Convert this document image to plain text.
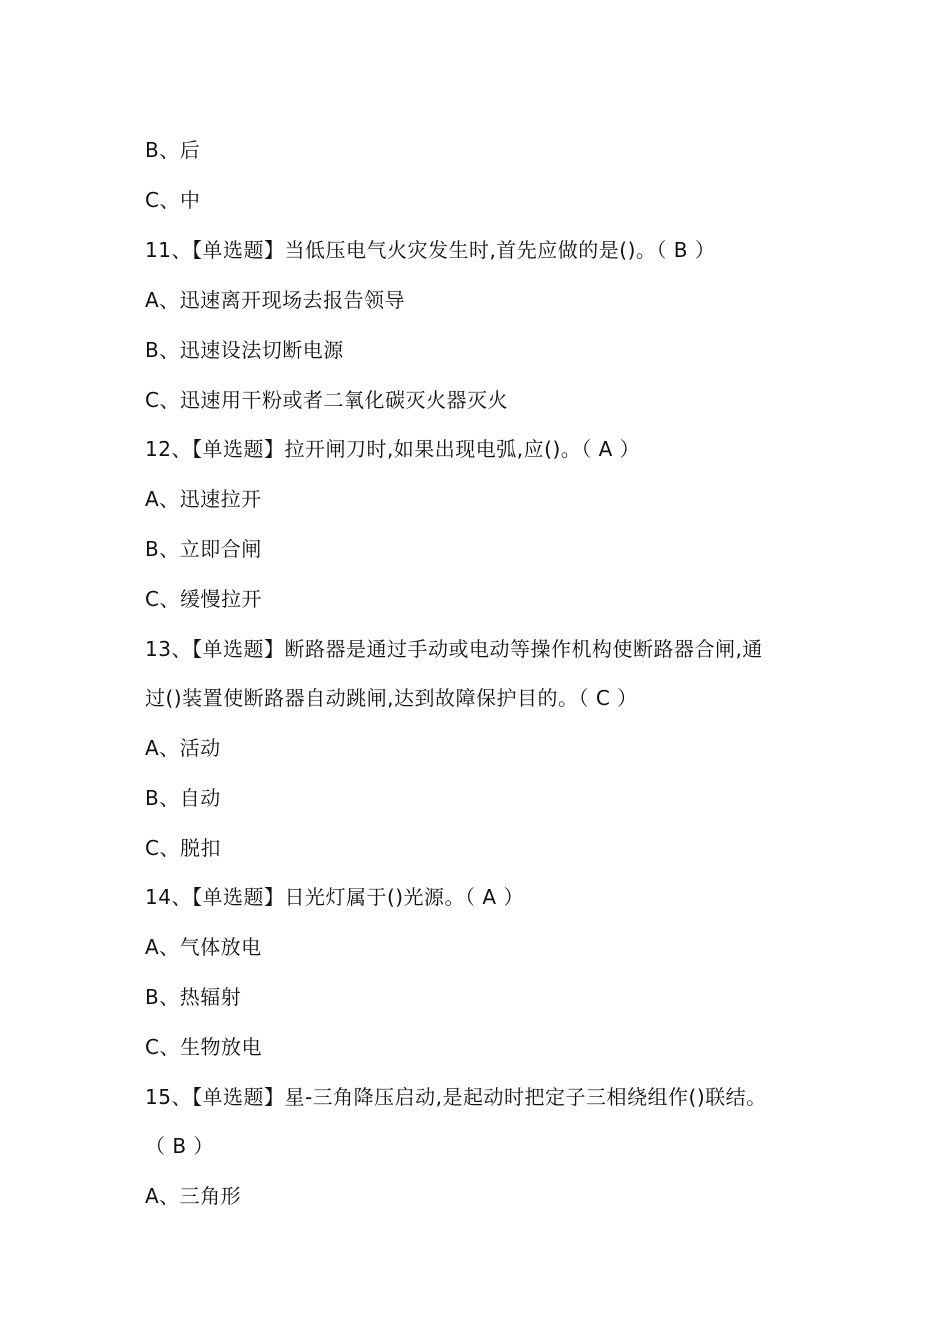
B、后
C、中
11、【单选题】当低压电气火灾发生时,首先应做的是()。（ B ）
A、迅速离开现场去报告领导
B、迅速设法切断电源
C、迅速用干粉或者二氧化碳灭火器灭火
12、【单选题】拉开闸刀时,如果出现电弧,应()。（ A ）
A、迅速拉开
B、立即合闸
C、缓慢拉开
13、【单选题】断路器是通过手动或电动等操作机构使断路器合闸,通
过()装置使断路器自动跳闸,达到故障保护目的。（ C ）
A、活动
B、自动
C、脱扣
14、【单选题】日光灯属于()光源。（ A ）
A、气体放电
B、热辐射
C、生物放电
15、【单选题】星-三角降压启动,是起动时把定子三相绕组作()联结。
（ B ）
A、三角形
